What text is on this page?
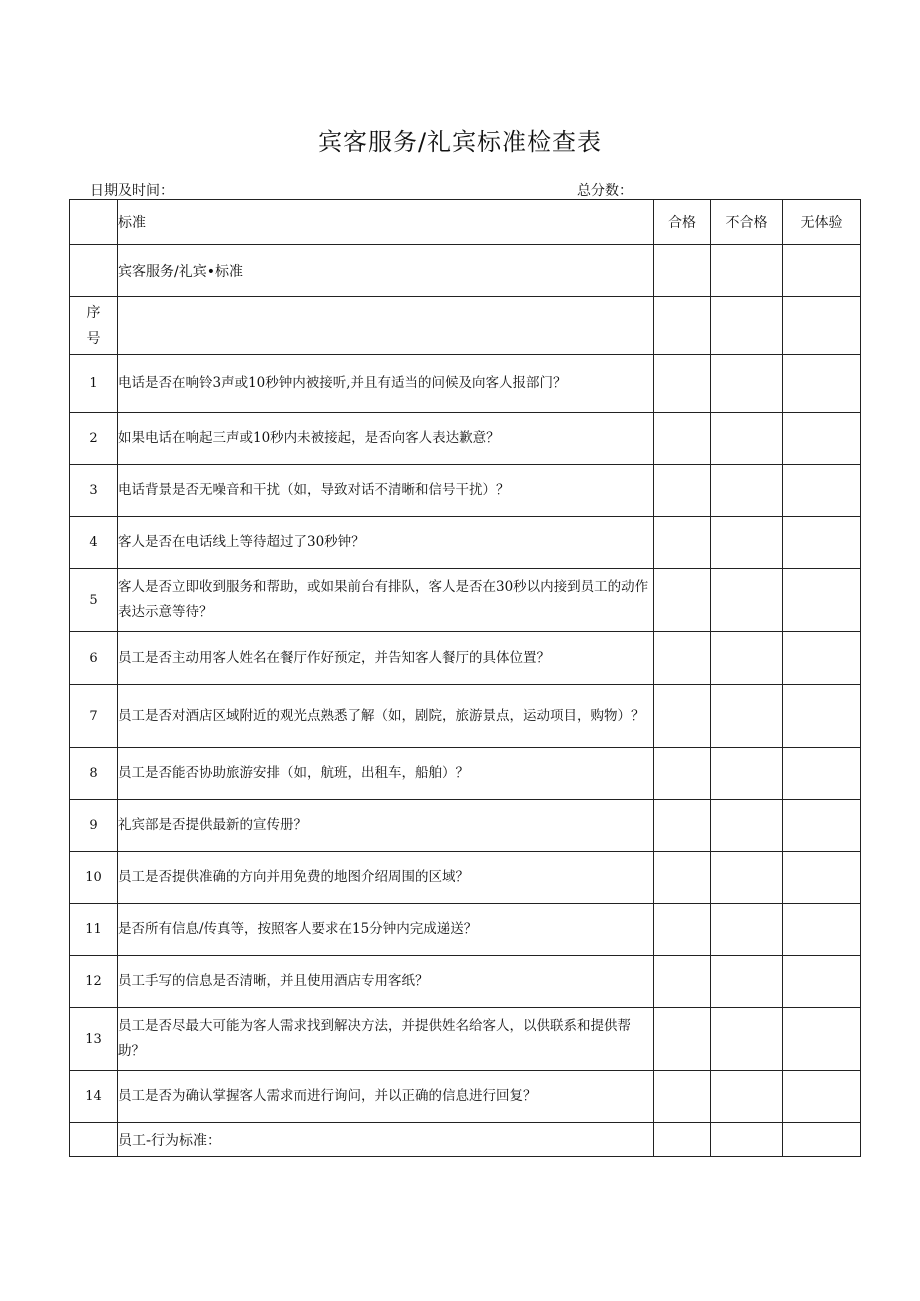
宾客服务/礼宾标准检查表
日期及时间：	总分数：
	标准	合格	不合格	无体验
	宾客服务/礼宾•标准			

序
号				

1	电话是否在响铃3声或10秒钟内被接听,并且有适当的问候及向客人报部门？			
2	如果电话在响起三声或10秒内未被接起，是否向客人表达歉意？			
3	电话背景是否无噪音和干扰（如，导致对话不清晰和信号干扰）？			
4	客人是否在电话线上等待超过了30秒钟？			
5	客人是否立即收到服务和帮助，或如果前台有排队，客人是否在30秒以内接到员工的动作表达示意等待？			
6	员工是否主动用客人姓名在餐厅作好预定，并告知客人餐厅的具体位置？			
7	员工是否对酒店区域附近的观光点熟悉了解（如，剧院，旅游景点，运动项目，购物）？			
8	员工是否能否协助旅游安排（如，航班，出租车，船舶）？			
9	礼宾部是否提供最新的宣传册？			
10	员工是否提供准确的方向并用免费的地图介绍周围的区域？			
11	是否所有信息/传真等，按照客人要求在15分钟内完成递送？			
12	员工手写的信息是否清晰，并且使用酒店专用客纸？			
13	员工是否尽最大可能为客人需求找到解决方法，并提供姓名给客人，以供联系和提供帮助？			
14	员工是否为确认掌握客人需求而进行询问，并以正确的信息进行回复？			
	员工-行为标准：			
